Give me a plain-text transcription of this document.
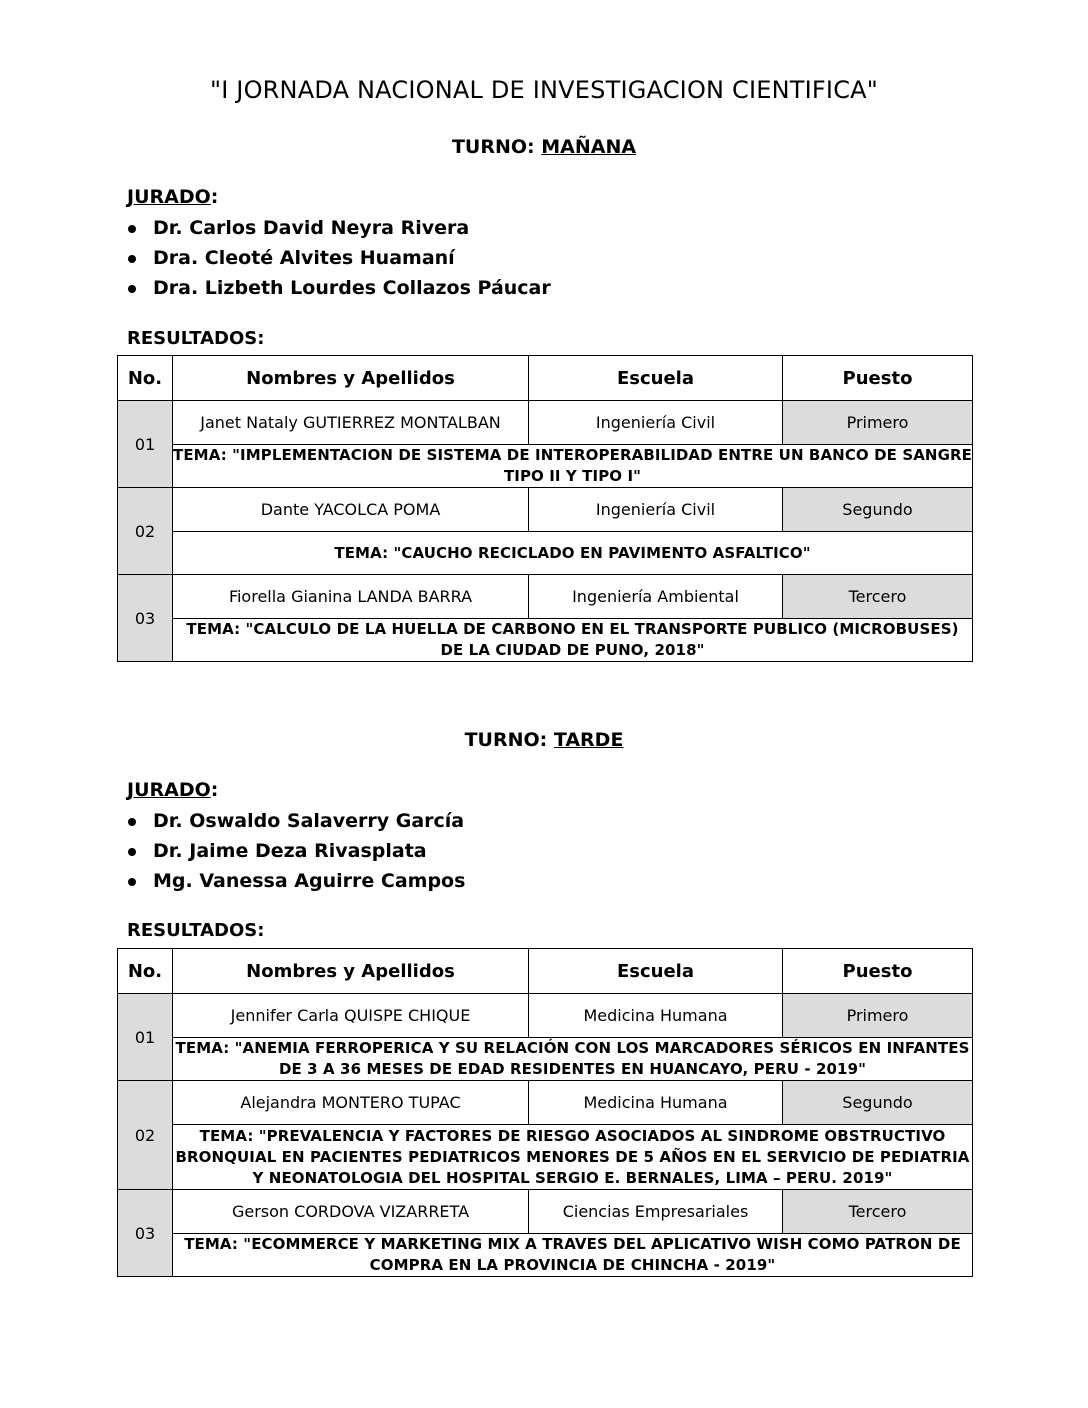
"I JORNADA NACIONAL DE INVESTIGACION CIENTIFICA"
TURNO: MAÑANA
JURADO:
Dr. Carlos David Neyra Rivera
Dra. Cleoté Alvites Huamaní
Dra. Lizbeth Lourdes Collazos Páucar
RESULTADOS:
No.	Nombres y Apellidos	Escuela	Puesto
01	Janet Nataly GUTIERREZ MONTALBAN	Ingeniería Civil	Primero
	TEMA: "IMPLEMENTACION DE SISTEMA DE INTEROPERABILIDAD ENTRE UN BANCO DE SANGRE TIPO II Y TIPO I"		
02	Dante YACOLCA POMA	Ingeniería Civil	Segundo
	TEMA: "CAUCHO RECICLADO EN PAVIMENTO ASFALTICO"		
03	Fiorella Gianina LANDA BARRA	Ingeniería Ambiental	Tercero
	TEMA: "CALCULO DE LA HUELLA DE CARBONO EN EL TRANSPORTE PUBLICO (MICROBUSES) DE LA CIUDAD DE PUNO, 2018"		
TURNO: TARDE
JURADO:
Dr. Oswaldo Salaverry García
Dr. Jaime Deza Rivasplata
Mg. Vanessa Aguirre Campos
RESULTADOS:
No.	Nombres y Apellidos	Escuela	Puesto
01	Jennifer Carla QUISPE CHIQUE	Medicina Humana	Primero
	TEMA: "ANEMIA FERROPERICA Y SU RELACIÓN CON LOS MARCADORES SÉRICOS EN INFANTES DE 3 A 36 MESES DE EDAD RESIDENTES EN HUANCAYO, PERU - 2019"		
02	Alejandra MONTERO TUPAC	Medicina Humana	Segundo
	TEMA: "PREVALENCIA Y FACTORES DE RIESGO ASOCIADOS AL SINDROME OBSTRUCTIVO BRONQUIAL EN PACIENTES PEDIATRICOS MENORES DE 5 AÑOS EN EL SERVICIO DE PEDIATRIA Y NEONATOLOGIA DEL HOSPITAL SERGIO E. BERNALES, LIMA – PERU. 2019"		
03	Gerson CORDOVA VIZARRETA	Ciencias Empresariales	Tercero
	TEMA: "ECOMMERCE Y MARKETING MIX A TRAVES DEL APLICATIVO WISH COMO PATRON DE COMPRA EN LA PROVINCIA DE CHINCHA - 2019"		
